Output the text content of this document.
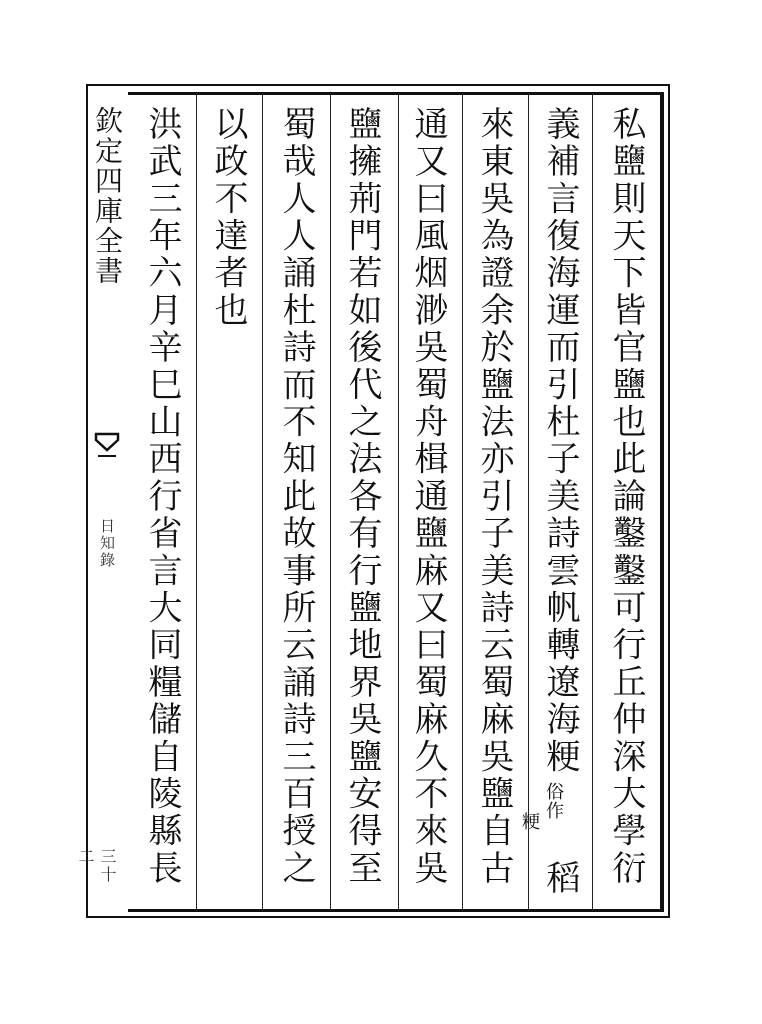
欽定四庫全書
日知錄
三十二	私鹽則天下皆官鹽也此論鑿鑿可行丘仲深大學衍
義補言復海運而引杜子美詩雲帆轉遼海粳
俗作
粳
稻
來東吳為證余於鹽法亦引子美詩云蜀麻吳鹽自古
通又曰風烟渺吳蜀舟楫通鹽麻又曰蜀麻久不來吳
鹽擁荊門若如後代之法各有行鹽地界吳鹽安得至
蜀哉人人誦杜詩而不知此故事所云誦詩三百授之
以政不達者也
洪武三年六月辛巳山西行省言大同糧儲自陵縣長
